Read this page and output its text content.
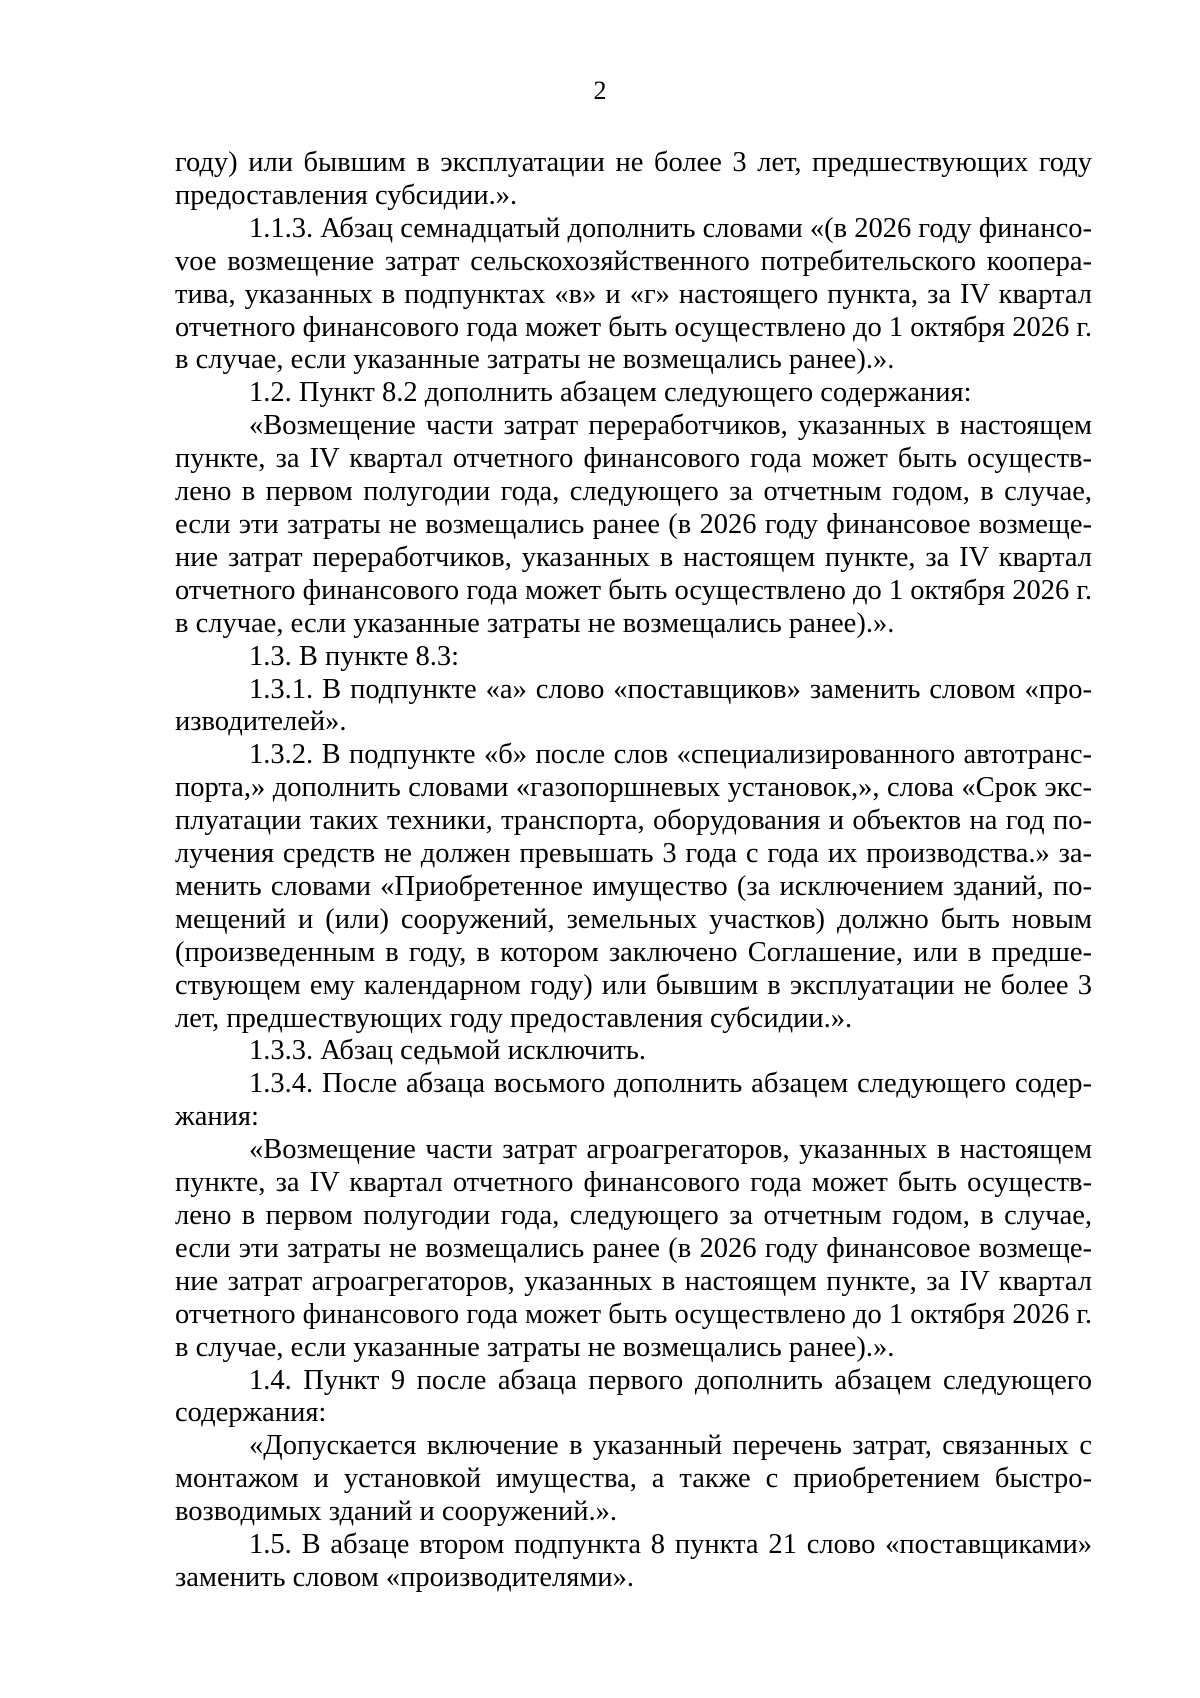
2

году) или бывшим в эксплуатации не более 3 лет, предшествующих году предоставления субсидии.».

1.1.3. Абзац семнадцатый дополнить словами «(в 2026 году финансоvое возмещение затрат сельскохозяйственного потребительского кооператива, указанных в подпунктах «в» и «г» настоящего пункта, за IV квартал отчетного финансового года может быть осуществлено до 1 октября 2026 г. в случае, если указанные затраты не возмещались ранее).».

1.2. Пункт 8.2 дополнить абзацем следующего содержания:

«Возмещение части затрат переработчиков, указанных в настоящем пункте, за IV квартал отчетного финансового года может быть осуществлено в первом полугодии года, следующего за отчетным годом, в случае, если эти затраты не возмещались ранее (в 2026 году финансовое возмещение затрат переработчиков, указанных в настоящем пункте, за IV квартал отчетного финансового года может быть осуществлено до 1 октября 2026 г. в случае, если указанные затраты не возмещались ранее).».

1.3. В пункте 8.3:

1.3.1. В подпункте «а» слово «поставщиков» заменить словом «производителей».

1.3.2. В подпункте «б» после слов «специализированного автотранспорта,» дополнить словами «газопоршневых установок,», слова «Срок эксплуатации таких техники, транспорта, оборудования и объектов на год получения средств не должен превышать 3 года с года их производства.» заменить словами «Приобретенное имущество (за исключением зданий, помещений и (или) сооружений, земельных участков) должно быть новым (произведенным в году, в котором заключено Соглашение, или в предшествующем ему календарном году) или бывшим в эксплуатации не более 3 лет, предшествующих году предоставления субсидии.».

1.3.3. Абзац седьмой исключить.

1.3.4. После абзаца восьмого дополнить абзацем следующего содержания:

«Возмещение части затрат агроагрегаторов, указанных в настоящем пункте, за IV квартал отчетного финансового года может быть осуществлено в первом полугодии года, следующего за отчетным годом, в случае, если эти затраты не возмещались ранее (в 2026 году финансовое возмещение затрат агроагрегаторов, указанных в настоящем пункте, за IV квартал отчетного финансового года может быть осуществлено до 1 октября 2026 г. в случае, если указанные затраты не возмещались ранее).».

1.4. Пункт 9 после абзаца первого дополнить абзацем следующего содержания:

«Допускается включение в указанный перечень затрат, связанных с монтажом и установкой имущества, а также с приобретением быстровозводимых зданий и сооружений.».

1.5. В абзаце втором подпункта 8 пункта 21 слово «поставщиками» заменить словом «производителями».
